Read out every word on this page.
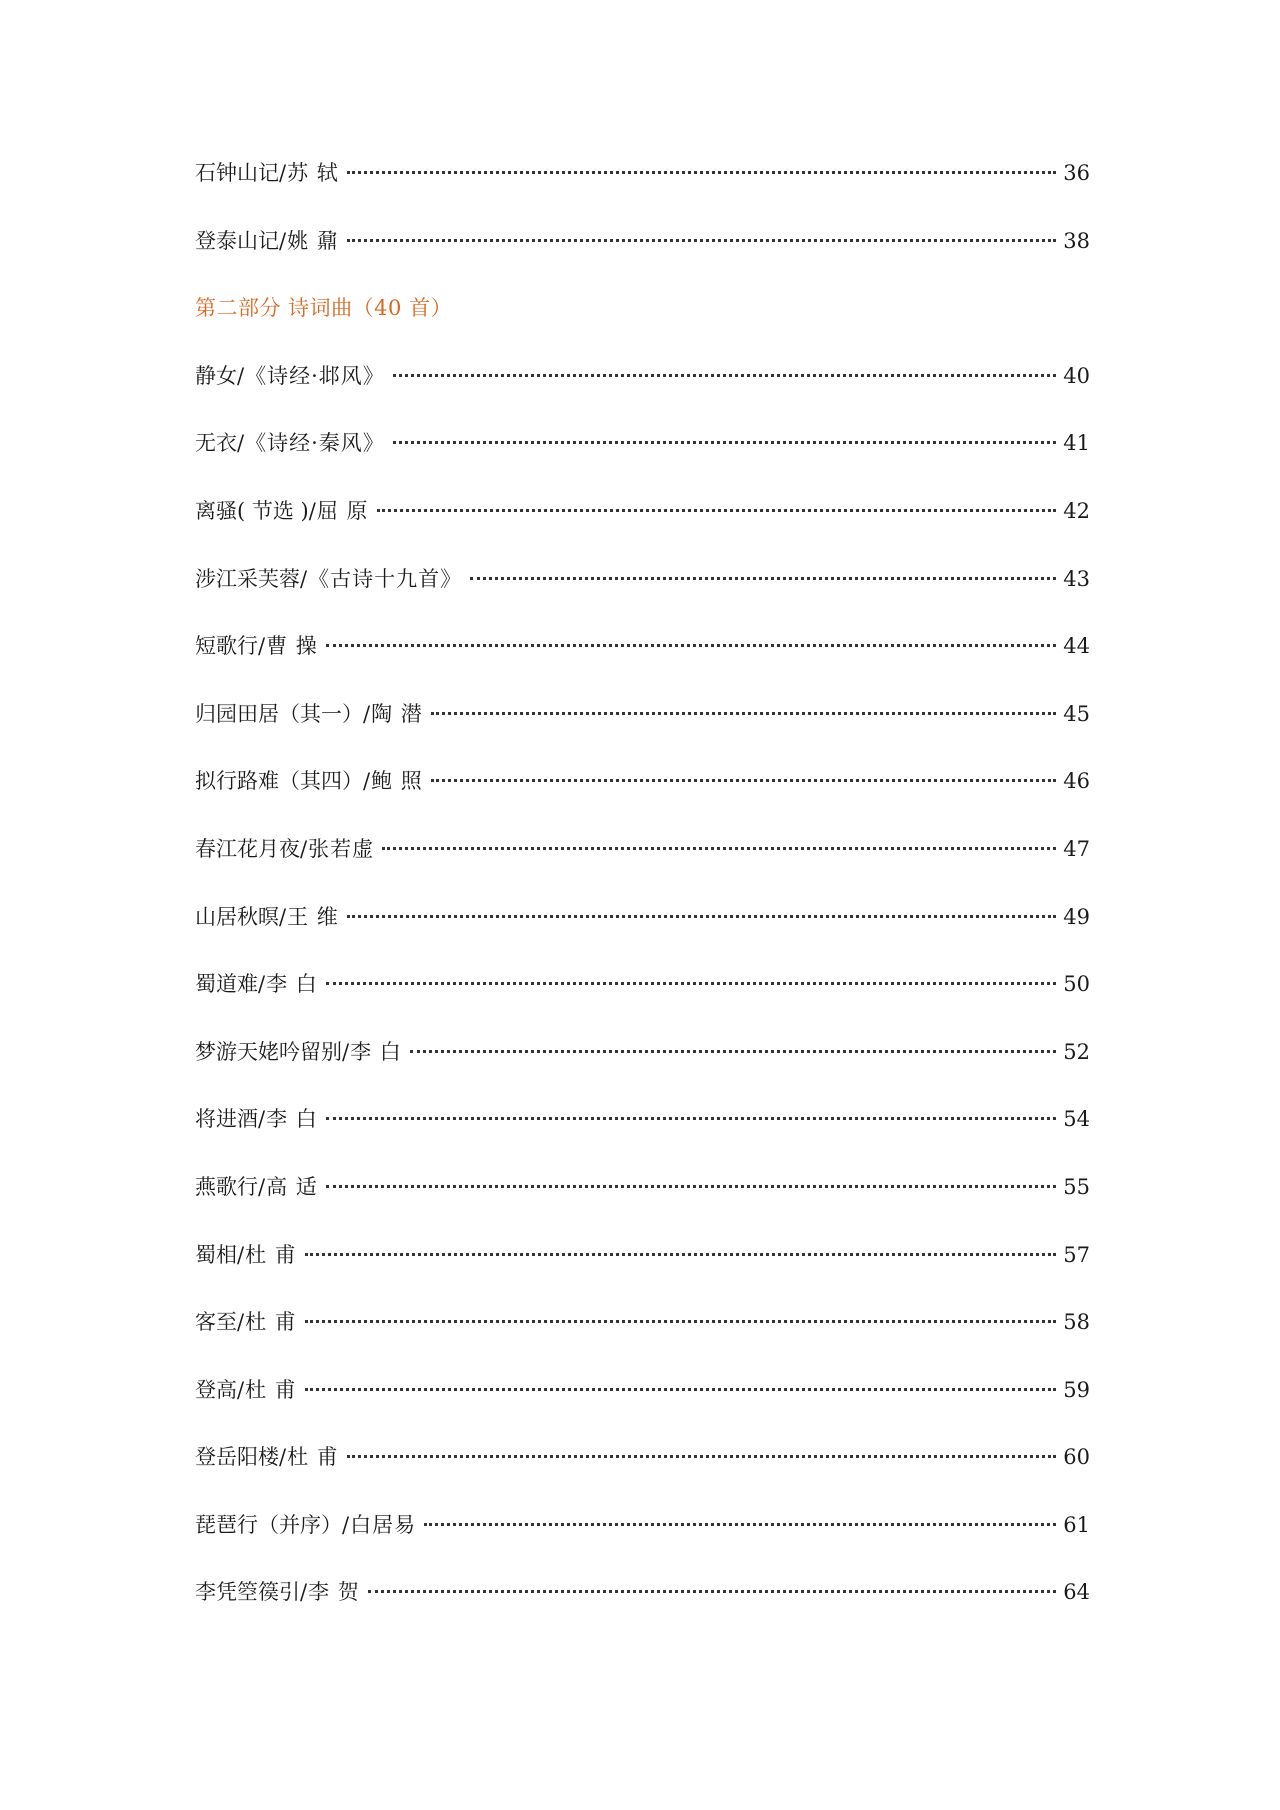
石钟山记 /苏 轼	36
登泰山记 /姚 鼐	38
第二部分 诗词曲（40 首）
静女 /《诗经·邶风》	40
无衣 /《诗经·秦风》	41
离骚( 节选 ) /屈 原	42
涉江采芙蓉 /《古诗十九首》	43
短歌行 /曹 操	44
归园田居（其一） /陶 潜	45
拟行路难（其四） /鲍 照	46
春江花月夜 /张若虚	47
山居秋暝 /王 维	49
蜀道难 /李 白	50
梦游天姥吟留别 /李 白	52
将进酒 /李 白	54
燕歌行 /高 适	55
蜀相 /杜 甫	57
客至 /杜 甫	58
登高 /杜 甫	59
登岳阳楼 /杜 甫	60
琵琶行（并序） /白居易	61
李凭箜篌引 /李 贺	64
